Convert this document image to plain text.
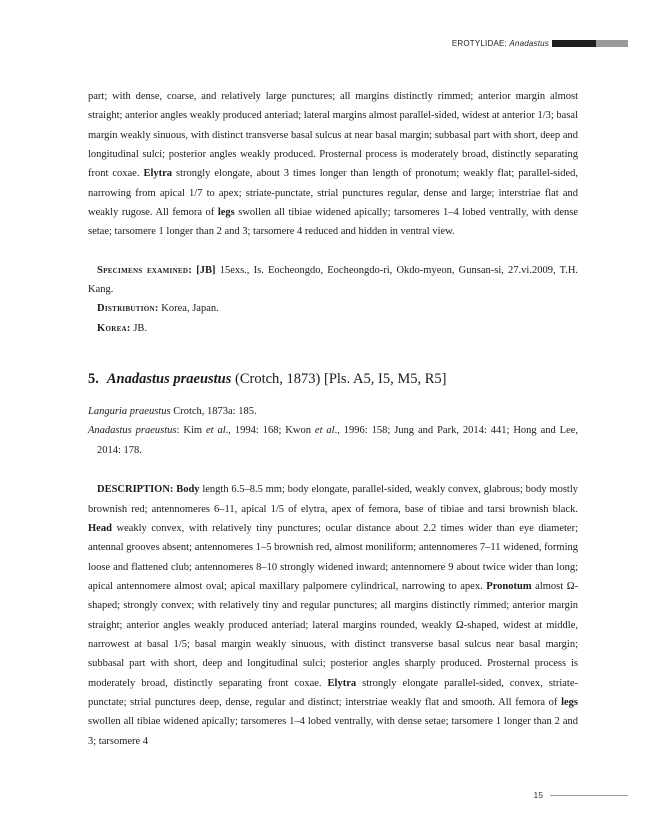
EROTYLIDAE:
Anadastus

part; with dense, coarse, and relatively large punctures; all margins distinctly rimmed; anterior margin almost straight; anterior angles weakly produced anteriad; lateral margins almost parallel-sided, widest at anterior 1/3; basal margin weakly sinuous, with distinct transverse basal sulcus at near basal margin; subbasal part with short, deep and longitudinal sulci; posterior angles weakly produced. Prosternal process is moderately broad, distinctly separating front coxae. Elytra strongly elongate, about 3 times longer than length of pronotum; weakly flat; parallel-sided, narrowing from apical 1/7 to apex; striate-punctate, strial punctures regular, dense and large; interstriae flat and weakly rugose. All femora of legs swollen all tibiae widened apically; tarsomeres 1–4 lobed ventrally, with dense setae; tarsomere 1 longer than 2 and 3; tarsomere 4 reduced and hidden in ventral view.

Specimens examined: [JB] 15exs., Is. Eocheongdo, Eocheongdo-ri, Okdo-myeon, Gunsan-si, 27.vi.2009, T.H. Kang.

Distribution: Korea, Japan.

Korea: JB.

5. Anadastus praeustus (Crotch, 1873) [Pls. A5, I5, M5, R5]

Languria praeustus Crotch, 1873a: 185.

Anadastus praeustus: Kim et al., 1994: 168; Kwon et al., 1996: 158; Jung and Park, 2014: 441; Hong and Lee, 2014: 178.

DESCRIPTION: Body length 6.5–8.5 mm; body elongate, parallel-sided, weakly convex, glabrous; body mostly brownish red; antennomeres 6–11, apical 1/5 of elytra, apex of femora, base of tibiae and tarsi brownish black. Head weakly convex, with relatively tiny punctures; ocular distance about 2.2 times wider than eye diameter; antennal grooves absent; antennomeres 1–5 brownish red, almost moniliform; antennomeres 7–11 widened, forming loose and flattened club; antennomeres 8–10 strongly widened inward; antennomere 9 about twice wider than long; apical antennomere almost oval; apical maxillary palpomere cylindrical, narrowing to apex. Pronotum almost Ω-shaped; strongly convex; with relatively tiny and regular punctures; all margins distinctly rimmed; anterior margin straight; anterior angles weakly produced anteriad; lateral margins rounded, weakly Ω-shaped, widest at middle, narrowest at basal 1/5; basal margin weakly sinuous, with distinct transverse basal sulcus near basal margin; subbasal part with short, deep and longitudinal sulci; posterior angles sharply produced. Prosternal process is moderately broad, distinctly separating front coxae. Elytra strongly elongate parallel-sided, convex, striate-punctate; strial punctures deep, dense, regular and distinct; interstriae weakly flat and smooth. All femora of legs swollen all tibiae widened apically; tarsomeres 1–4 lobed ventrally, with dense setae; tarsomere 1 longer than 2 and 3; tarsomere 4

15
